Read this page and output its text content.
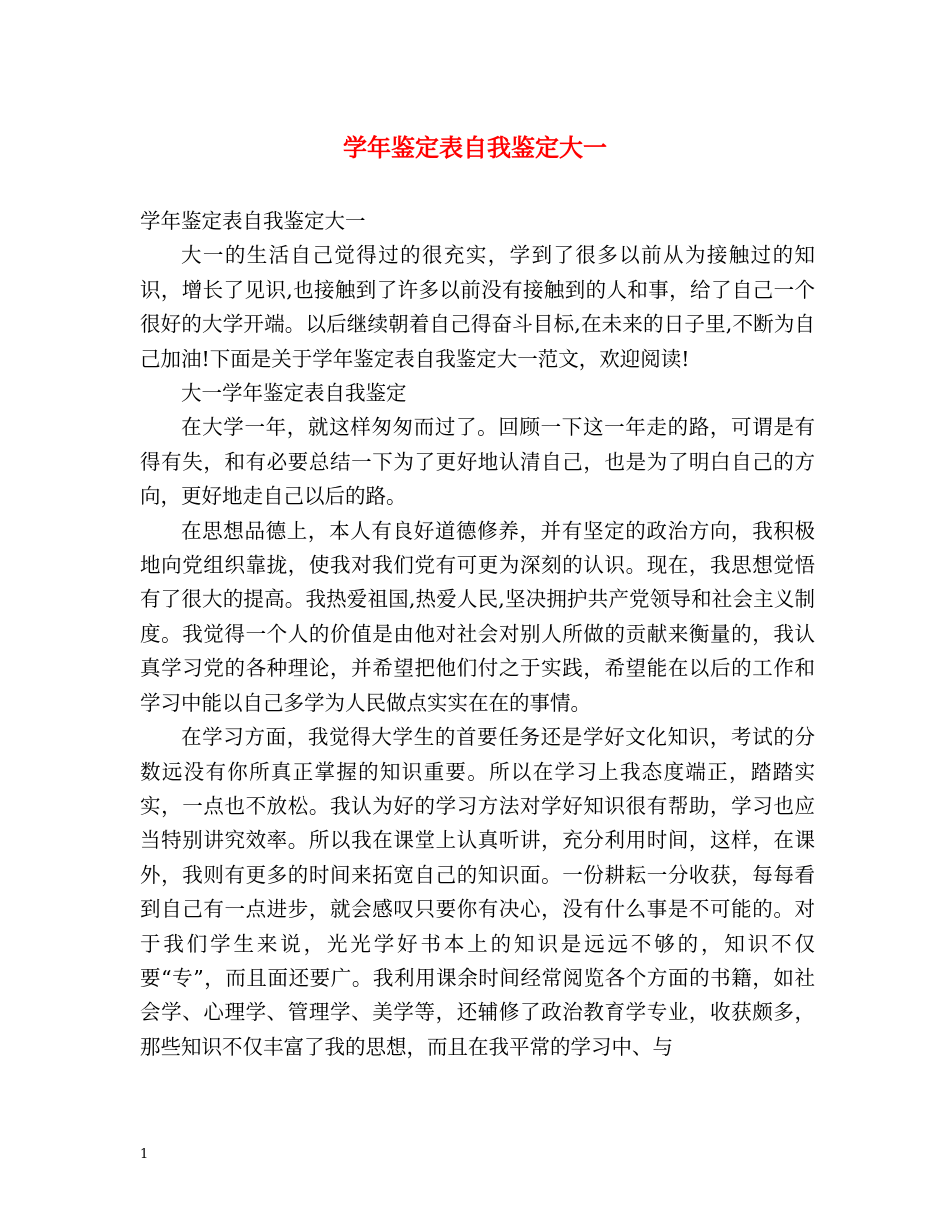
学年鉴定表自我鉴定大一

学年鉴定表自我鉴定大一

大一的生活自己觉得过的很充实，学到了很多以前从为接触过的知识，增长了见识,也接触到了许多以前没有接触到的人和事，给了自己一个很好的大学开端。以后继续朝着自己得奋斗目标,在未来的日子里,不断为自己加油!下面是关于学年鉴定表自我鉴定大一范文，欢迎阅读!

大一学年鉴定表自我鉴定

在大学一年，就这样匆匆而过了。回顾一下这一年走的路，可谓是有得有失，和有必要总结一下为了更好地认清自己，也是为了明白自己的方向，更好地走自己以后的路。

在思想品德上，本人有良好道德修养，并有坚定的政治方向，我积极地向党组织靠拢，使我对我们党有可更为深刻的认识。现在，我思想觉悟有了很大的提高。我热爱祖国,热爱人民,坚决拥护共产党领导和社会主义制度。我觉得一个人的价值是由他对社会对别人所做的贡献来衡量的，我认真学习党的各种理论，并希望把他们付之于实践，希望能在以后的工作和学习中能以自己多学为人民做点实实在在的事情。

在学习方面，我觉得大学生的首要任务还是学好文化知识，考试的分数远没有你所真正掌握的知识重要。所以在学习上我态度端正，踏踏实实，一点也不放松。我认为好的学习方法对学好知识很有帮助，学习也应当特别讲究效率。所以我在课堂上认真听讲，充分利用时间，这样，在课外，我则有更多的时间来拓宽自己的知识面。一份耕耘一分收获，每每看到自己有一点进步，就会感叹只要你有决心，没有什么事是不可能的。对于我们学生来说，光光学好书本上的知识是远远不够的，知识不仅要“专”，而且面还要广。我利用课余时间经常阅览各个方面的书籍，如社会学、心理学、管理学、美学等，还辅修了政治教育学专业，收获颇多，那些知识不仅丰富了我的思想，而且在我平常的学习中、与

1
